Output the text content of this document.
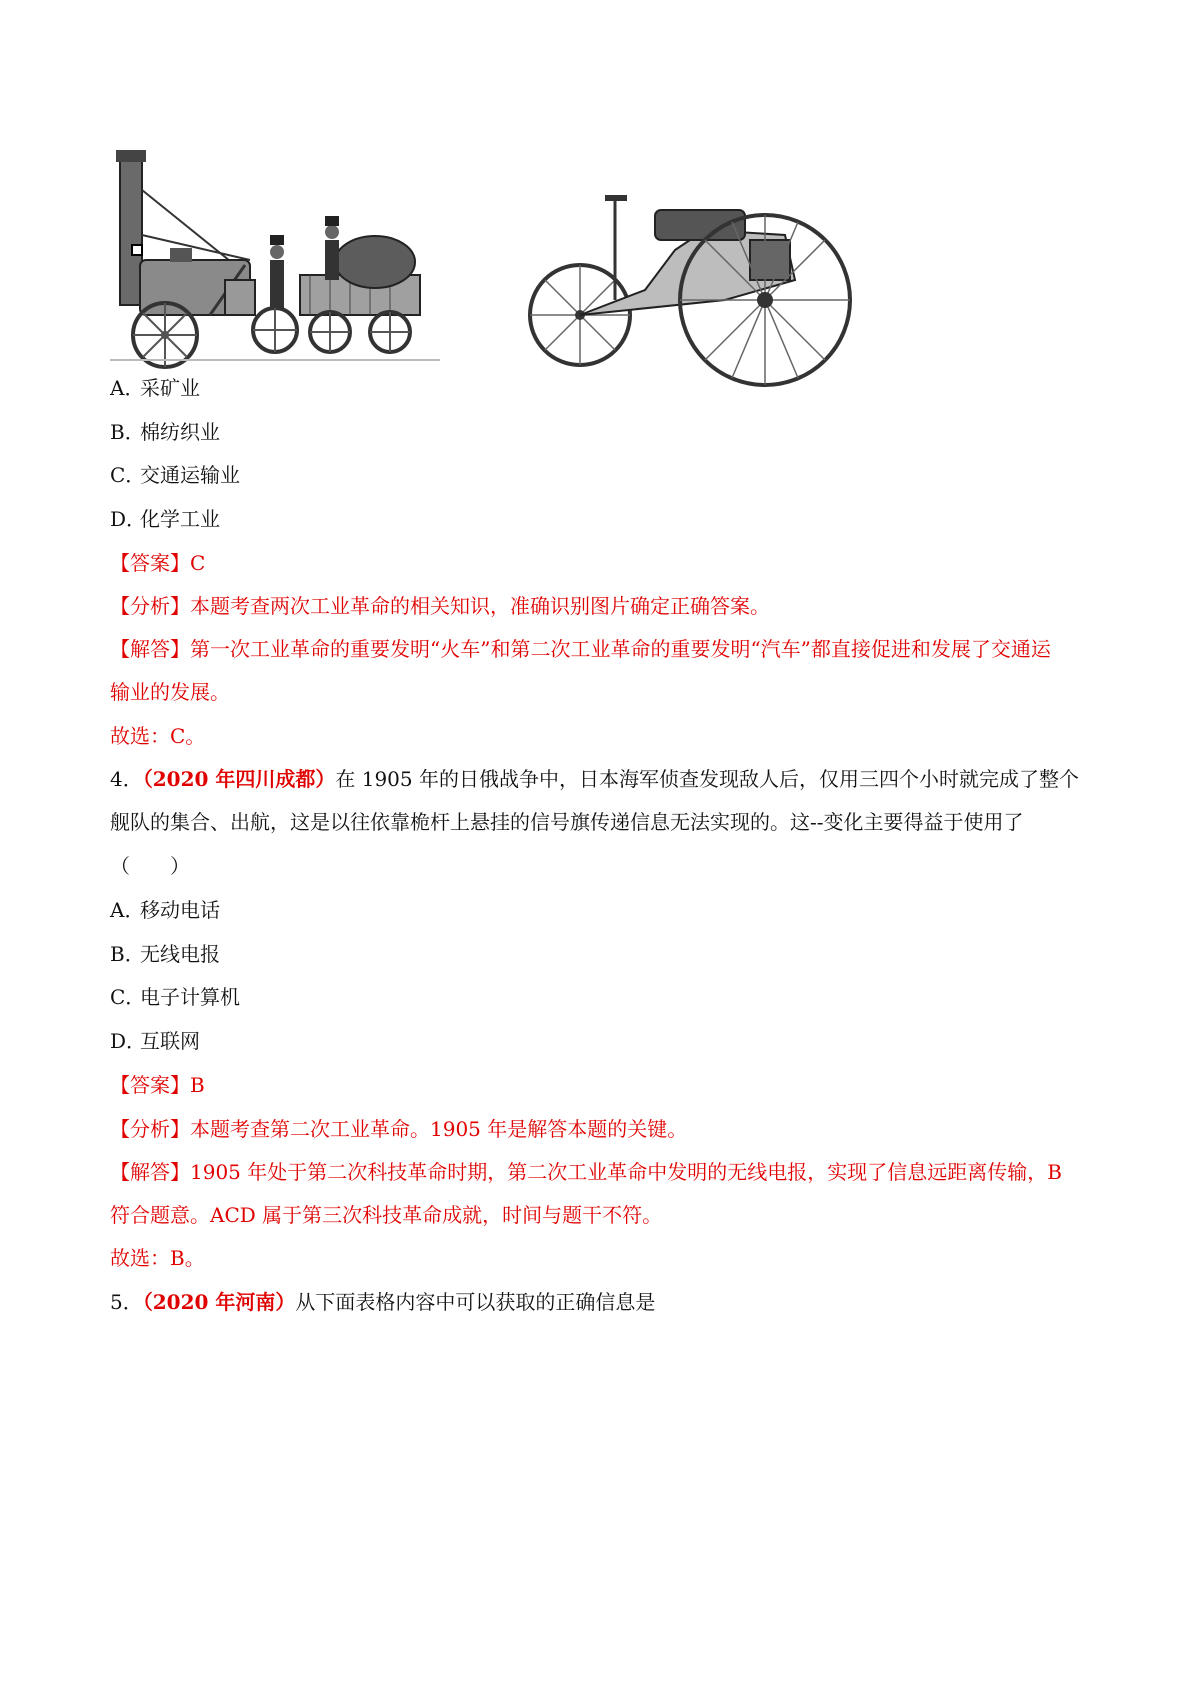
A．采矿业
B．棉纺织业
C．交通运输业
D．化学工业
【答案】C
【分析】本题考查两次工业革命的相关知识，准确识别图片确定正确答案。
【解答】第一次工业革命的重要发明“火车”和第二次工业革命的重要发明“汽车”都直接促进和发展了交通运
输业的发展。
故选：C。
4．（2020 年四川成都）在 1905 年的日俄战争中，日本海军侦查发现敌人后，仅用三四个小时就完成了整个
舰队的集合、出航，这是以往依靠桅杆上悬挂的信号旗传递信息无法实现的。这--变化主要得益于使用了
（　　）
A．移动电话
B．无线电报
C．电子计算机
D．互联网
【答案】B
【分析】本题考查第二次工业革命。1905 年是解答本题的关键。
【解答】1905 年处于第二次科技革命时期，第二次工业革命中发明的无线电报，实现了信息远距离传输，B
符合题意。ACD 属于第三次科技革命成就，时间与题干不符。
故选：B。
5．（2020 年河南）从下面表格内容中可以获取的正确信息是
